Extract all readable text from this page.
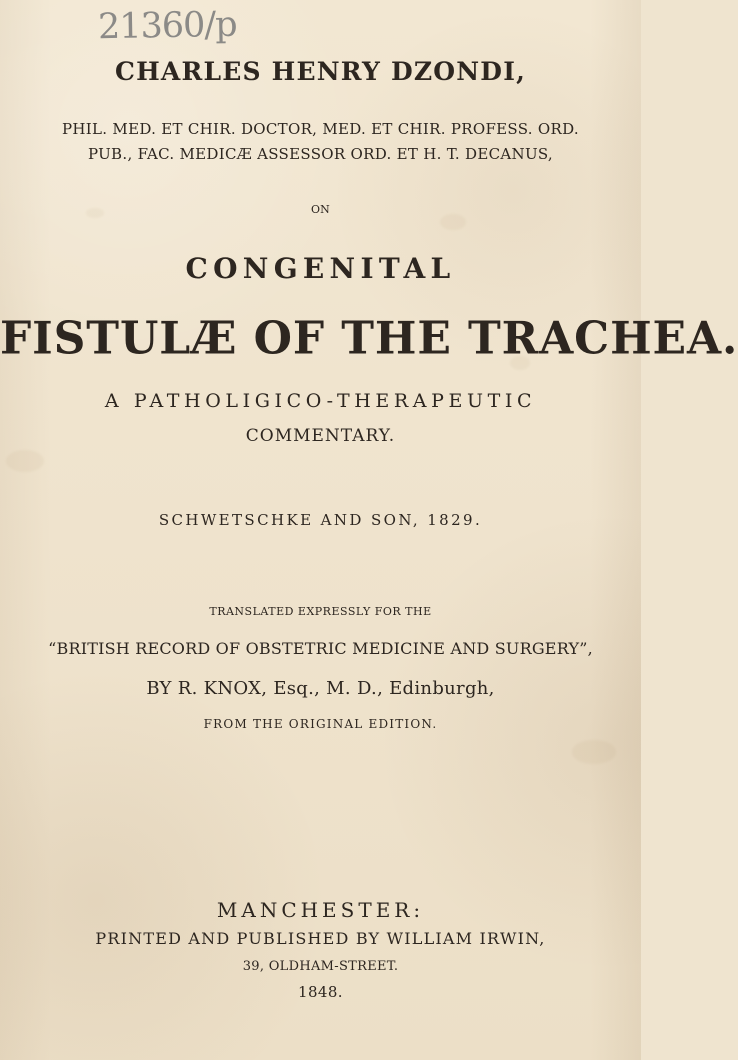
21360/p
CHARLES HENRY DZONDI,
PHIL. MED. ET CHIR. DOCTOR, MED. ET CHIR. PROFESS. ORD.
PUB., FAC. MEDICÆ ASSESSOR ORD. ET H. T. DECANUS,
ON
CONGENITAL
FISTULÆ OF THE TRACHEA.
A PATHOLIGICO-THERAPEUTIC
COMMENTARY.
SCHWETSCHKE AND SON, 1829.
TRANSLATED EXPRESSLY FOR THE
“BRITISH RECORD OF OBSTETRIC MEDICINE AND SURGERY”,
BY R. KNOX, Esq., M. D., Edinburgh,
FROM THE ORIGINAL EDITION.
MANCHESTER:
PRINTED AND PUBLISHED BY WILLIAM IRWIN,
39, OLDHAM-STREET.
1848.
